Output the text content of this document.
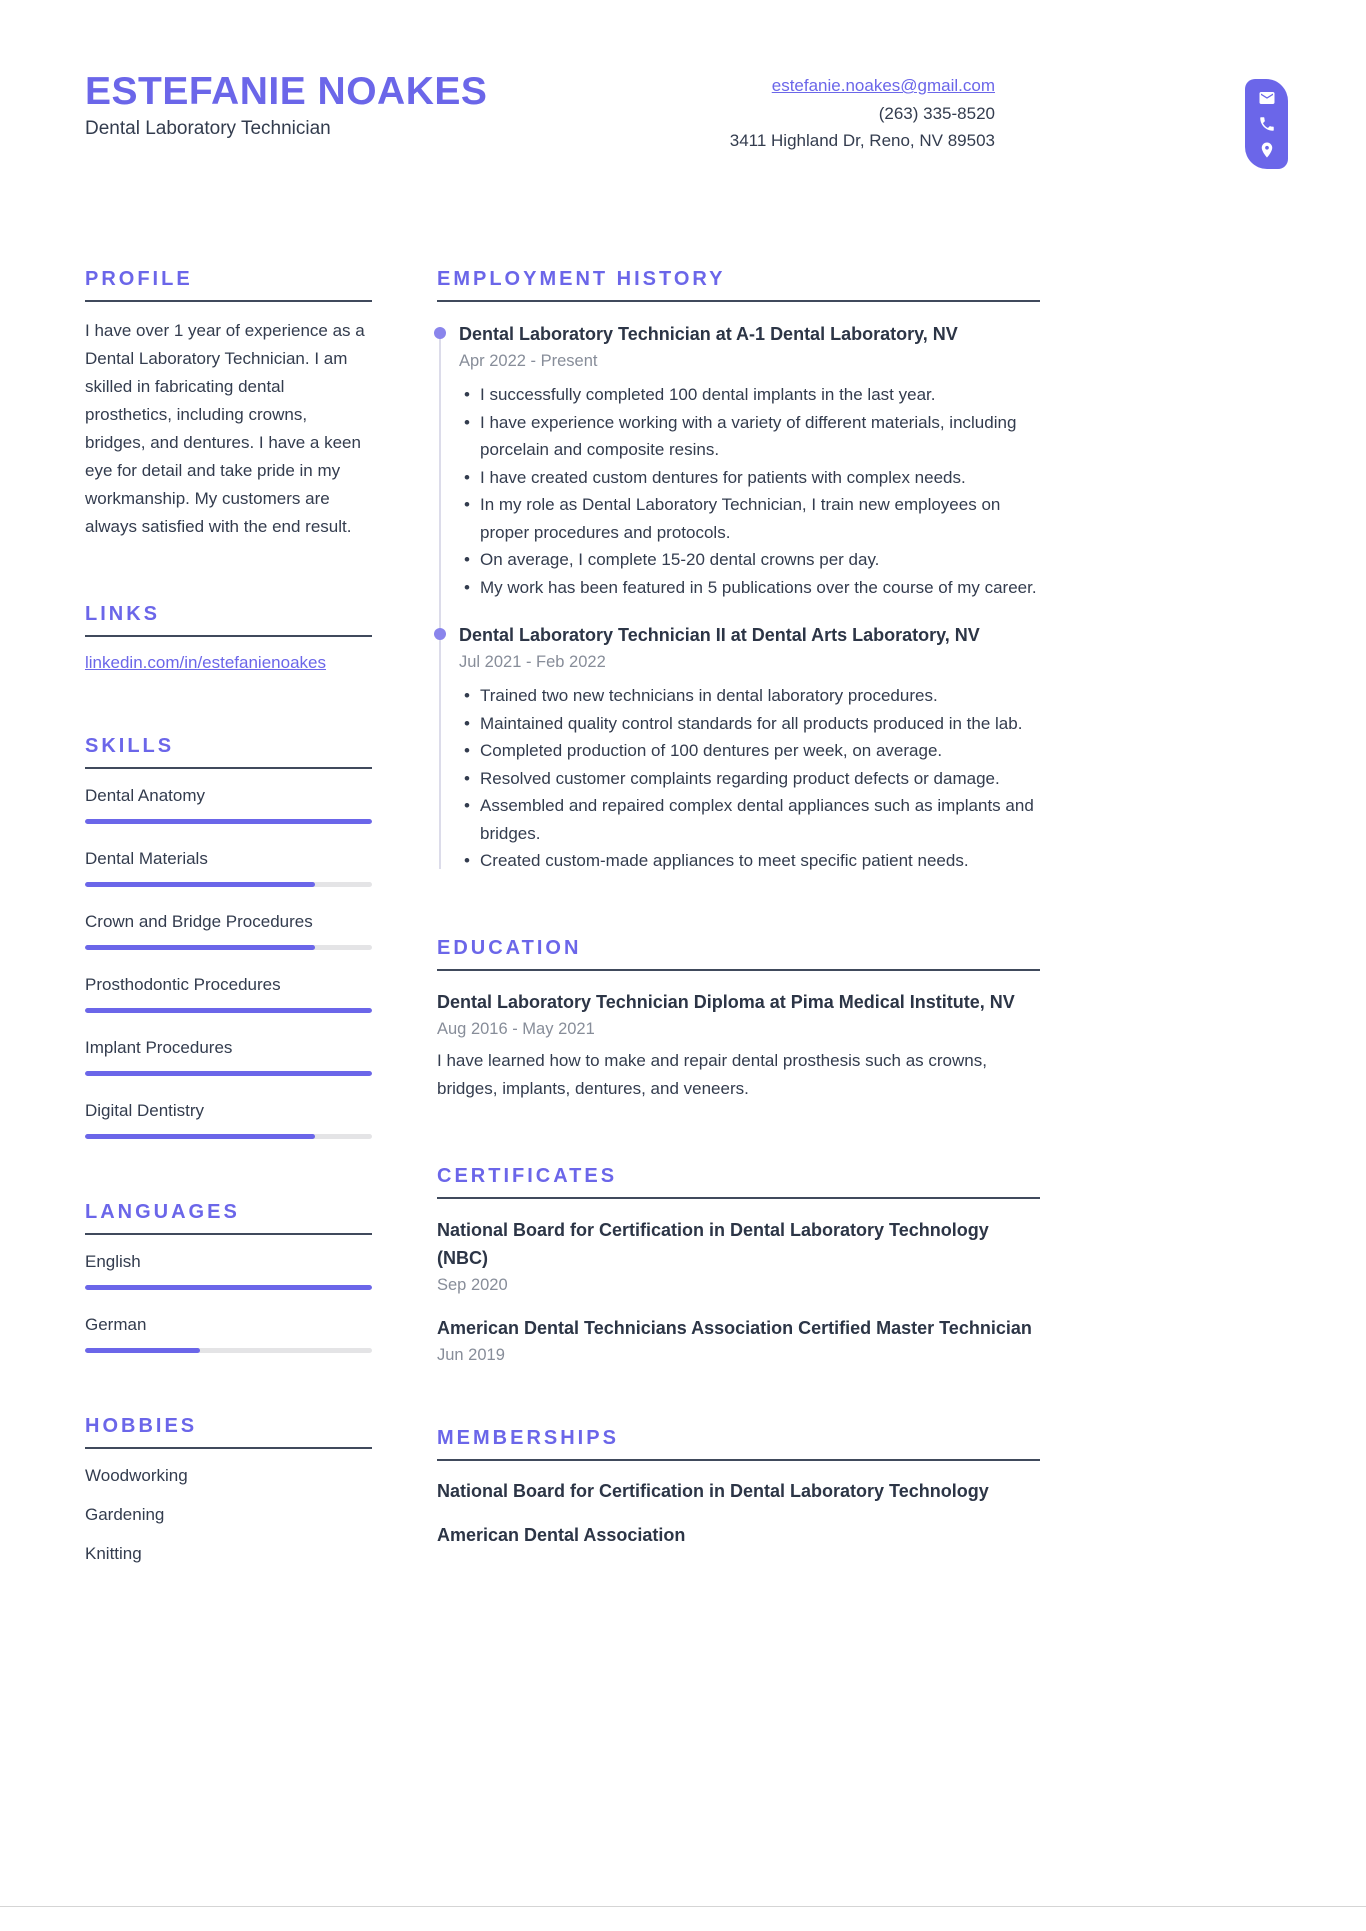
ESTEFANIE NOAKES
Dental Laboratory Technician
estefanie.noakes@gmail.com
(263) 335-8520
3411 Highland Dr, Reno, NV 89503
PROFILE
I have over 1 year of experience as a Dental Laboratory Technician. I am skilled in fabricating dental prosthetics, including crowns, bridges, and dentures. I have a keen eye for detail and take pride in my workmanship. My customers are always satisfied with the end result.
LINKS
linkedin.com/in/estefanienoakes
SKILLS
Dental Anatomy
Dental Materials
Crown and Bridge Procedures
Prosthodontic Procedures
Implant Procedures
Digital Dentistry
LANGUAGES
English
German
HOBBIES
Woodworking
Gardening
Knitting
EMPLOYMENT HISTORY
Dental Laboratory Technician at A-1 Dental Laboratory, NV
Apr 2022 - Present
• I successfully completed 100 dental implants in the last year.
• I have experience working with a variety of different materials, including porcelain and composite resins.
• I have created custom dentures for patients with complex needs.
• In my role as Dental Laboratory Technician, I train new employees on proper procedures and protocols.
• On average, I complete 15-20 dental crowns per day.
• My work has been featured in 5 publications over the course of my career.
Dental Laboratory Technician II at Dental Arts Laboratory, NV
Jul 2021 - Feb 2022
• Trained two new technicians in dental laboratory procedures.
• Maintained quality control standards for all products produced in the lab.
• Completed production of 100 dentures per week, on average.
• Resolved customer complaints regarding product defects or damage.
• Assembled and repaired complex dental appliances such as implants and bridges.
• Created custom-made appliances to meet specific patient needs.
EDUCATION
Dental Laboratory Technician Diploma at Pima Medical Institute, NV
Aug 2016 - May 2021
I have learned how to make and repair dental prosthesis such as crowns, bridges, implants, dentures, and veneers.
CERTIFICATES
National Board for Certification in Dental Laboratory Technology (NBC)
Sep 2020
American Dental Technicians Association Certified Master Technician
Jun 2019
MEMBERSHIPS
National Board for Certification in Dental Laboratory Technology
American Dental Association
